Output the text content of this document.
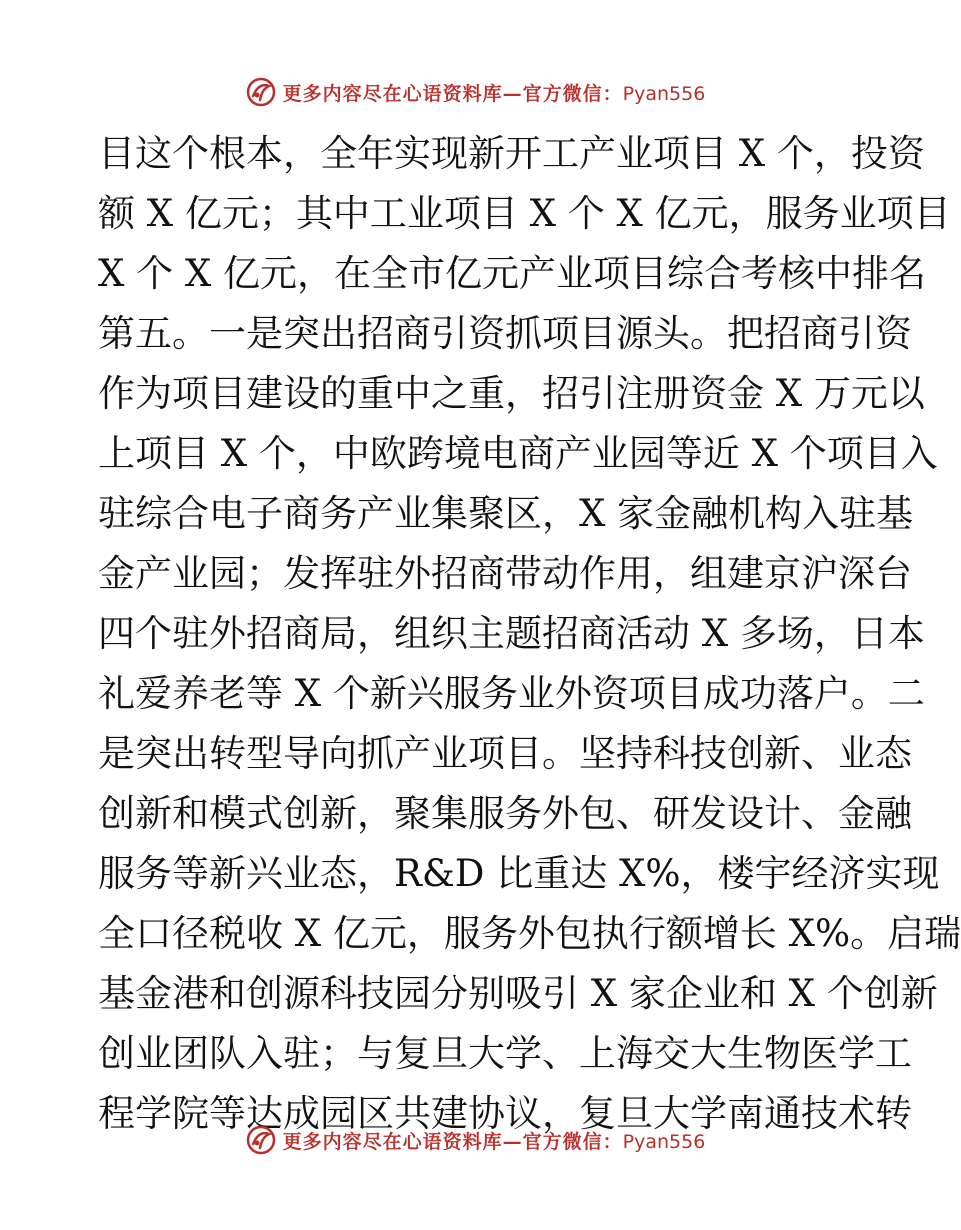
更多内容尽在心语资料库—官方微信：Pyan556
目这个根本，全年实现新开工产业项目 X 个，投资
额 X 亿元；其中工业项目 X 个 X 亿元，服务业项目
X 个 X 亿元，在全市亿元产业项目综合考核中排名
第五。一是突出招商引资抓项目源头。把招商引资
作为项目建设的重中之重，招引注册资金 X 万元以
上项目 X 个，中欧跨境电商产业园等近 X 个项目入
驻综合电子商务产业集聚区，X 家金融机构入驻基
金产业园；发挥驻外招商带动作用，组建京沪深台
四个驻外招商局，组织主题招商活动 X 多场，日本
礼爱养老等 X 个新兴服务业外资项目成功落户。二
是突出转型导向抓产业项目。坚持科技创新、业态
创新和模式创新，聚集服务外包、研发设计、金融
服务等新兴业态，R&D 比重达 X%，楼宇经济实现
全口径税收 X 亿元，服务外包执行额增长 X%。启瑞
基金港和创源科技园分别吸引 X 家企业和 X 个创新
创业团队入驻；与复旦大学、上海交大生物医学工
程学院等达成园区共建协议，复旦大学南通技术转
更多内容尽在心语资料库—官方微信：Pyan556
